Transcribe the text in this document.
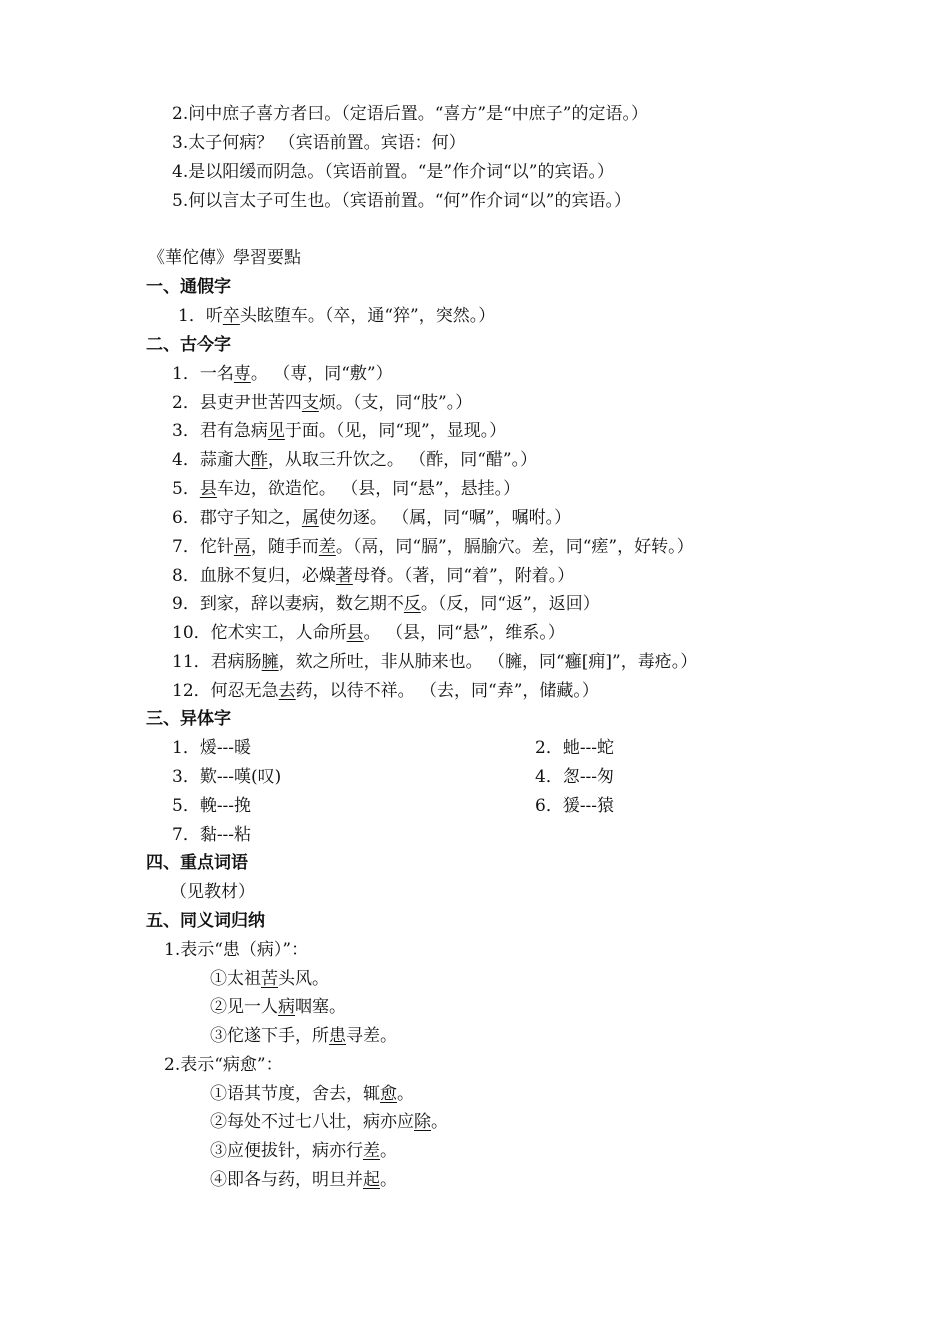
2.问中庶子喜方者曰。（定语后置。“喜方”是“中庶子”的定语。）
3.太子何病？ （宾语前置。宾语：何）
4.是以阳缓而阴急。（宾语前置。“是”作介词“以”的宾语。）
5.何以言太子可生也。（宾语前置。“何”作介词“以”的宾语。）
《華佗傳》學習要點
一、通假字
1．听卒头眩堕车。（卒，通“猝”，突然。）
二、古今字
1．一名専。 （専，同“敷”）
2．县吏尹世苦四支烦。（支，同“肢”。）
3．君有急病见于面。（见，同“现”，显现。）
4．蒜齑大酢，从取三升饮之。 （酢，同“醋”。）
5．县车边，欲造佗。 （县，同“悬”，悬挂。）
6．郡守子知之，属使勿逐。 （属，同“嘱”，嘱咐。）
7．佗针鬲，随手而差。（鬲，同“膈”，膈腧穴。差，同“瘥”，好转。）
8．血脉不复归，必燥著母脊。（著，同“着”，附着。）
9．到家，辞以妻病，数乞期不反。（反，同“返”，返回）
10．佗术实工，人命所县。 （县，同“悬”，维系。）
11．君病肠臃，欬之所吐，非从肺来也。 （臃，同“癰[痈]”，毒疮。）
12．何忍无急去药，以待不祥。 （去，同“弆”，储藏。）
三、异体字
1．煖---暖	2．虵---蛇
3．歎---嘆(叹)	4．怱---匆
5．輓---挽	6．猨---猿
7．黏---粘
四、重点词语
（见教材）
五、同义词归纳
1.表示“患（病）”：
①太祖苦头风。
②见一人病咽塞。
③佗遂下手，所患寻差。
2.表示“病愈”：
①语其节度，舍去，辄愈。
②每处不过七八壮，病亦应除。
③应便拔针，病亦行差。
④即各与药，明旦并起。
